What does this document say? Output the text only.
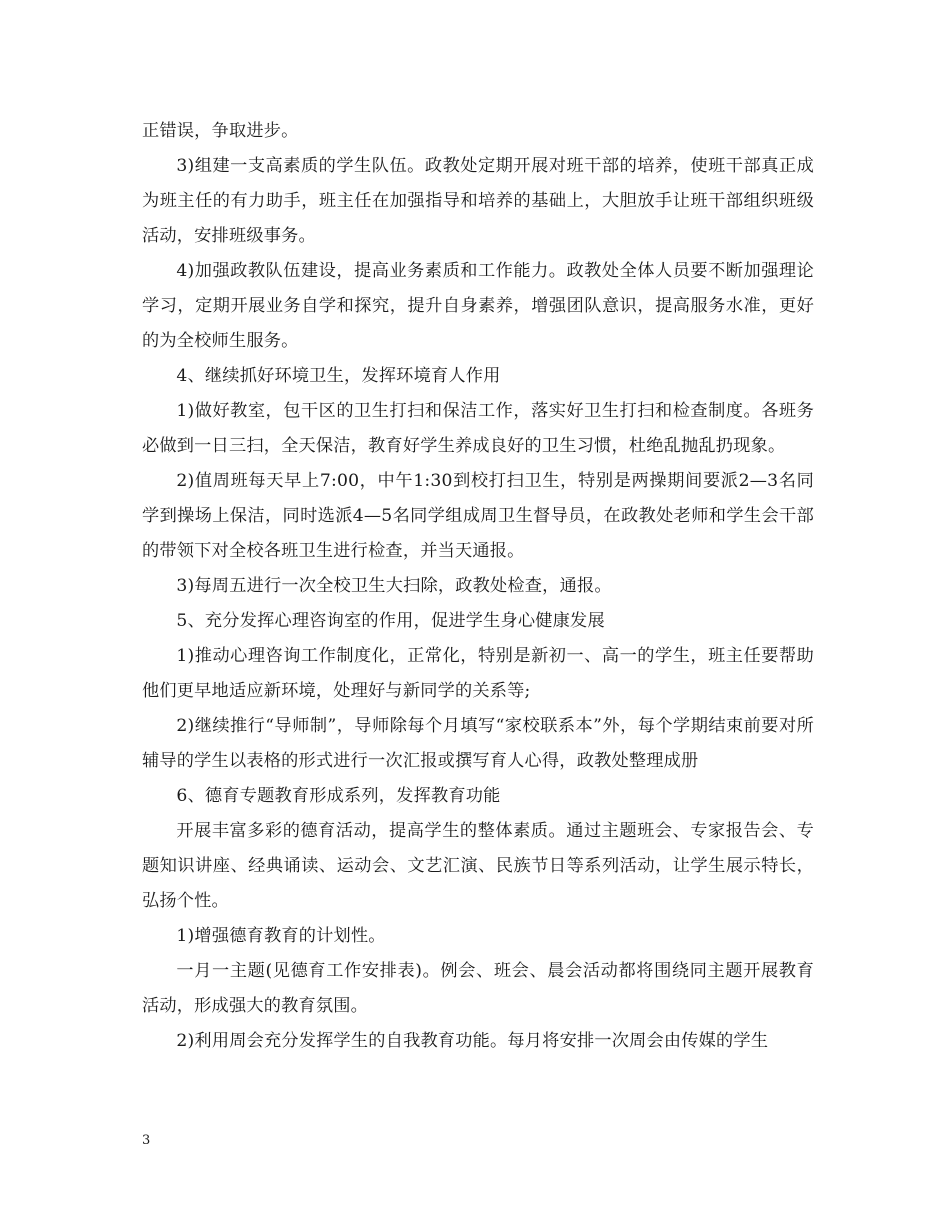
正错误，争取进步。

3)组建一支高素质的学生队伍。政教处定期开展对班干部的培养，使班干部真正成为班主任的有力助手，班主任在加强指导和培养的基础上，大胆放手让班干部组织班级活动，安排班级事务。

4)加强政教队伍建设，提高业务素质和工作能力。政教处全体人员要不断加强理论学习，定期开展业务自学和探究，提升自身素养，增强团队意识，提高服务水准，更好的为全校师生服务。

4、继续抓好环境卫生，发挥环境育人作用

1)做好教室，包干区的卫生打扫和保洁工作，落实好卫生打扫和检查制度。各班务必做到一日三扫，全天保洁，教育好学生养成良好的卫生习惯，杜绝乱抛乱扔现象。

2)值周班每天早上7:00，中午1:30到校打扫卫生，特别是两操期间要派2—3名同学到操场上保洁，同时选派4—5名同学组成周卫生督导员，在政教处老师和学生会干部的带领下对全校各班卫生进行检查，并当天通报。

3)每周五进行一次全校卫生大扫除，政教处检查，通报。

5、充分发挥心理咨询室的作用，促进学生身心健康发展

1)推动心理咨询工作制度化，正常化，特别是新初一、高一的学生，班主任要帮助他们更早地适应新环境，处理好与新同学的关系等;

2)继续推行“导师制”，导师除每个月填写“家校联系本”外，每个学期结束前要对所辅导的学生以表格的形式进行一次汇报或撰写育人心得，政教处整理成册

6、德育专题教育形成系列，发挥教育功能

开展丰富多彩的德育活动，提高学生的整体素质。通过主题班会、专家报告会、专题知识讲座、经典诵读、运动会、文艺汇演、民族节日等系列活动，让学生展示特长，弘扬个性。

1)增强德育教育的计划性。

一月一主题(见德育工作安排表)。例会、班会、晨会活动都将围绕同主题开展教育活动，形成强大的教育氛围。

2)利用周会充分发挥学生的自我教育功能。每月将安排一次周会由传媒的学生

3
